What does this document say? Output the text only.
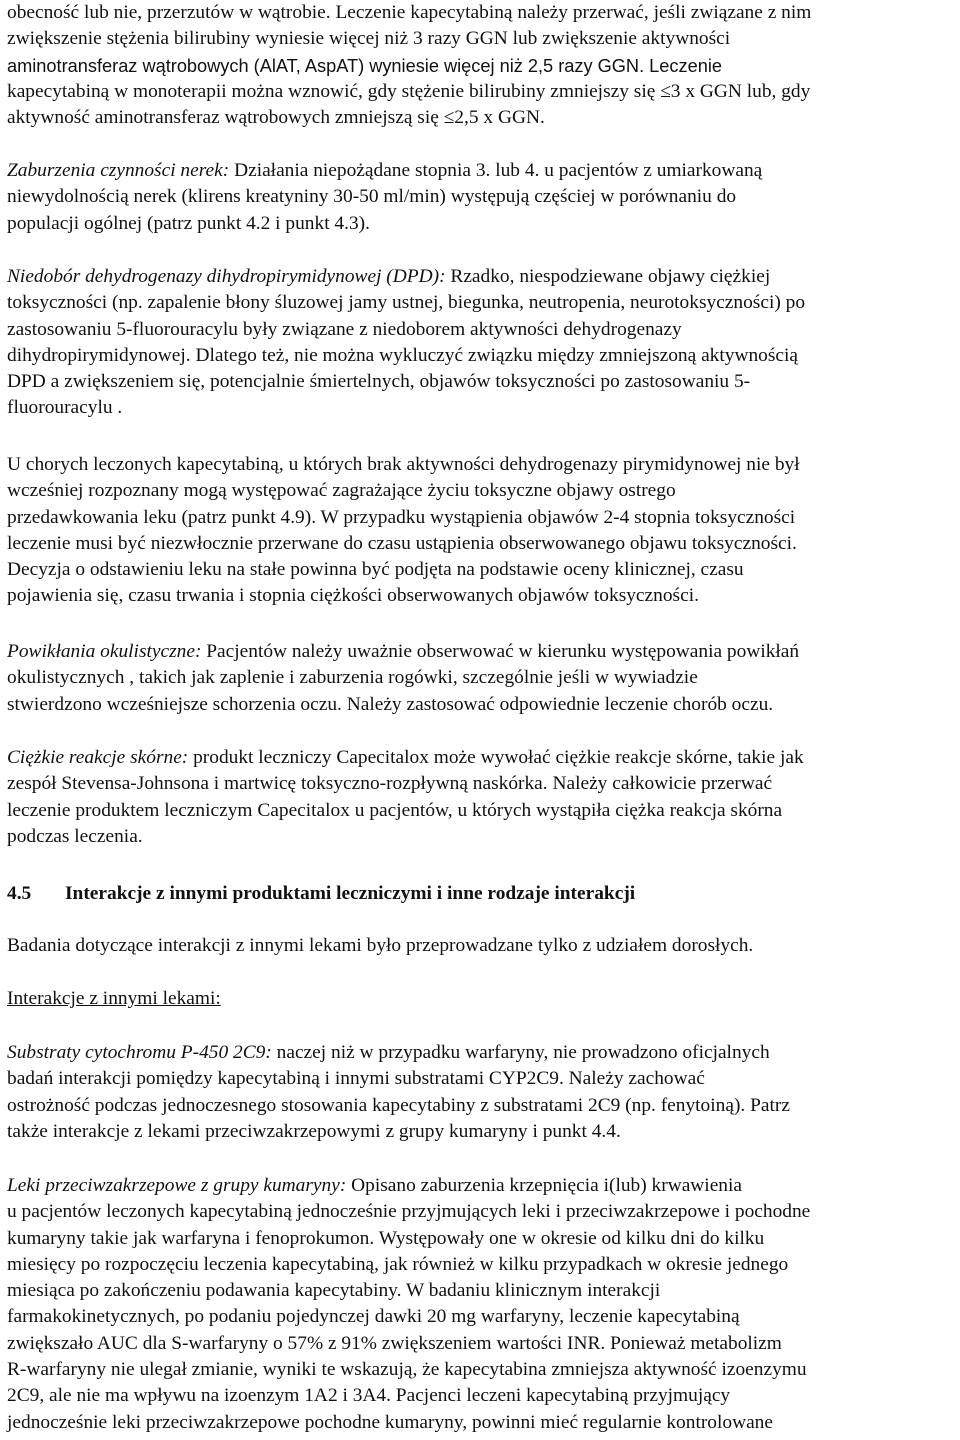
obecność lub nie, przerzutów w wątrobie. Leczenie kapecytabiną należy przerwać, jeśli związane z nim
zwiększenie stężenia bilirubiny wyniesie więcej niż 3 razy GGN lub zwiększenie aktywności
aminotransferaz wątrobowych (AlAT, AspAT) wyniesie więcej niż 2,5 razy GGN. Leczenie
kapecytabiną w monoterapii można wznowić, gdy stężenie bilirubiny zmniejszy się ≤3 x GGN lub, gdy
aktywność aminotransferaz wątrobowych zmniejszą się ≤2,5 x GGN.
Zaburzenia czynności nerek: Działania niepożądane stopnia 3. lub 4. u pacjentów z umiarkowaną
niewydolnością nerek (klirens kreatyniny 30-50 ml/min) występują częściej w porównaniu do
populacji ogólnej (patrz punkt 4.2 i punkt 4.3).
Niedobór dehydrogenazy dihydropirymidynowej (DPD): Rzadko, niespodziewane objawy ciężkiej
toksyczności (np. zapalenie błony śluzowej jamy ustnej, biegunka, neutropenia, neurotoksyczności) po
zastosowaniu 5-fluorouracylu były związane z niedoborem aktywności dehydrogenazy
dihydropirymidynowej. Dlatego też, nie można wykluczyć związku między zmniejszoną aktywnością
DPD a zwiększeniem się, potencjalnie śmiertelnych, objawów toksyczności po zastosowaniu 5-
fluorouracylu .
U chorych leczonych kapecytabiną, u których brak aktywności dehydrogenazy pirymidynowej nie był
wcześniej rozpoznany mogą występować zagrażające życiu toksyczne objawy ostrego
przedawkowania leku (patrz punkt 4.9). W przypadku wystąpienia objawów 2-4 stopnia toksyczności
leczenie musi być niezwłocznie przerwane do czasu ustąpienia obserwowanego objawu toksyczności.
Decyzja o odstawieniu leku na stałe powinna być podjęta na podstawie oceny klinicznej, czasu
pojawienia się, czasu trwania i stopnia ciężkości obserwowanych objawów toksyczności.
Powikłania okulistyczne: Pacjentów należy uważnie obserwować w kierunku występowania powikłań
okulistycznych , takich jak zaplenie i zaburzenia rogówki, szczególnie jeśli w wywiadzie
stwierdzono wcześniejsze schorzenia oczu. Należy zastosować odpowiednie leczenie chorób oczu.
Ciężkie reakcje skórne: produkt leczniczy Capecitalox może wywołać ciężkie reakcje skórne, takie jak
zespół Stevensa-Johnsona i martwicę toksyczno-rozpływną naskórka. Należy całkowicie przerwać
leczenie produktem leczniczym Capecitalox u pacjentów, u których wystąpiła ciężka reakcja skórna
podczas leczenia.
4.5 Interakcje z innymi produktami leczniczymi i inne rodzaje interakcji
Badania dotyczące interakcji z innymi lekami było przeprowadzane tylko z udziałem dorosłych.
Interakcje z innymi lekami:
Substraty cytochromu P-450 2C9: naczej niż w przypadku warfaryny, nie prowadzono oficjalnych
badań interakcji pomiędzy kapecytabiną i innymi substratami CYP2C9. Należy zachować
ostrożność podczas jednoczesnego stosowania kapecytabiny z substratami 2C9 (np. fenytoiną). Patrz
także interakcje z lekami przeciwzakrzepowymi z grupy kumaryny i punkt 4.4.
Leki przeciwzakrzepowe z grupy kumaryny: Opisano zaburzenia krzepnięcia i(lub) krwawienia
u pacjentów leczonych kapecytabiną jednocześnie przyjmujących leki i przeciwzakrzepowe i pochodne
kumaryny takie jak warfaryna i fenoprokumon. Występowały one w okresie od kilku dni do kilku
miesięcy po rozpoczęciu leczenia kapecytabiną, jak również w kilku przypadkach w okresie jednego
miesiąca po zakończeniu podawania kapecytabiny. W badaniu klinicznym interakcji
farmakokinetycznych, po podaniu pojedynczej dawki 20 mg warfaryny, leczenie kapecytabiną
zwiększało AUC dla S-warfaryny o 57% z 91% zwiększeniem wartości INR. Ponieważ metabolizm
R-warfaryny nie ulegał zmianie, wyniki te wskazują, że kapecytabina zmniejsza aktywność izoenzymu
2C9, ale nie ma wpływu na izoenzym 1A2 i 3A4. Pacjenci leczeni kapecytabiną przyjmujący
jednocześnie leki przeciwzakrzepowe pochodne kumaryny, powinni mieć regularnie kontrolowane
